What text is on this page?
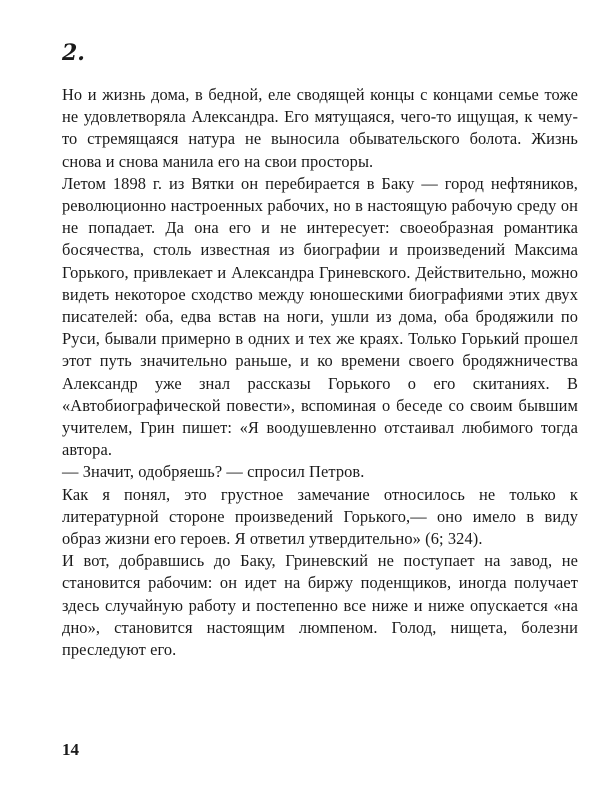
2.

Но и жизнь дома, в бедной, еле сводящей концы с концами семье тоже не удовлетворяла Александра. Его мятущаяся, чего-то ищущая, к чему-то стремящаяся натура не выносила обывательского болота. Жизнь снова и снова манила его на свои просторы.

Летом 1898 г. из Вятки он перебирается в Баку — город нефтяников, революционно настроенных рабочих, но в настоящую рабочую среду он не попадает. Да она его и не интересует: своеобразная романтика босячества, столь известная из биографии и произведений Максима Горького, привлекает и Александра Гриневского. Действительно, можно видеть некоторое сходство между юношескими биографиями этих двух писателей: оба, едва встав на ноги, ушли из дома, оба бродяжили по Руси, бывали примерно в одних и тех же краях. Только Горький прошел этот путь значительно раньше, и ко времени своего бродяжничества Александр уже знал рассказы Горького о его скитаниях. В «Автобиографической повести», вспоминая о беседе со своим бывшим учителем, Грин пишет: «Я воодушевленно отстаивал любимого тогда автора.

— Значит, одобряешь? — спросил Петров.

Как я понял, это грустное замечание относилось не только к литературной стороне произведений Горького,— оно имело в виду образ жизни его героев. Я ответил утвердительно» (6; 324).

И вот, добравшись до Баку, Гриневский не поступает на завод, не становится рабочим: он идет на биржу поденщиков, иногда получает здесь случайную работу и постепенно все ниже и ниже опускается «на дно», становится настоящим люмпеном. Голод, нищета, болезни преследуют его.

14
